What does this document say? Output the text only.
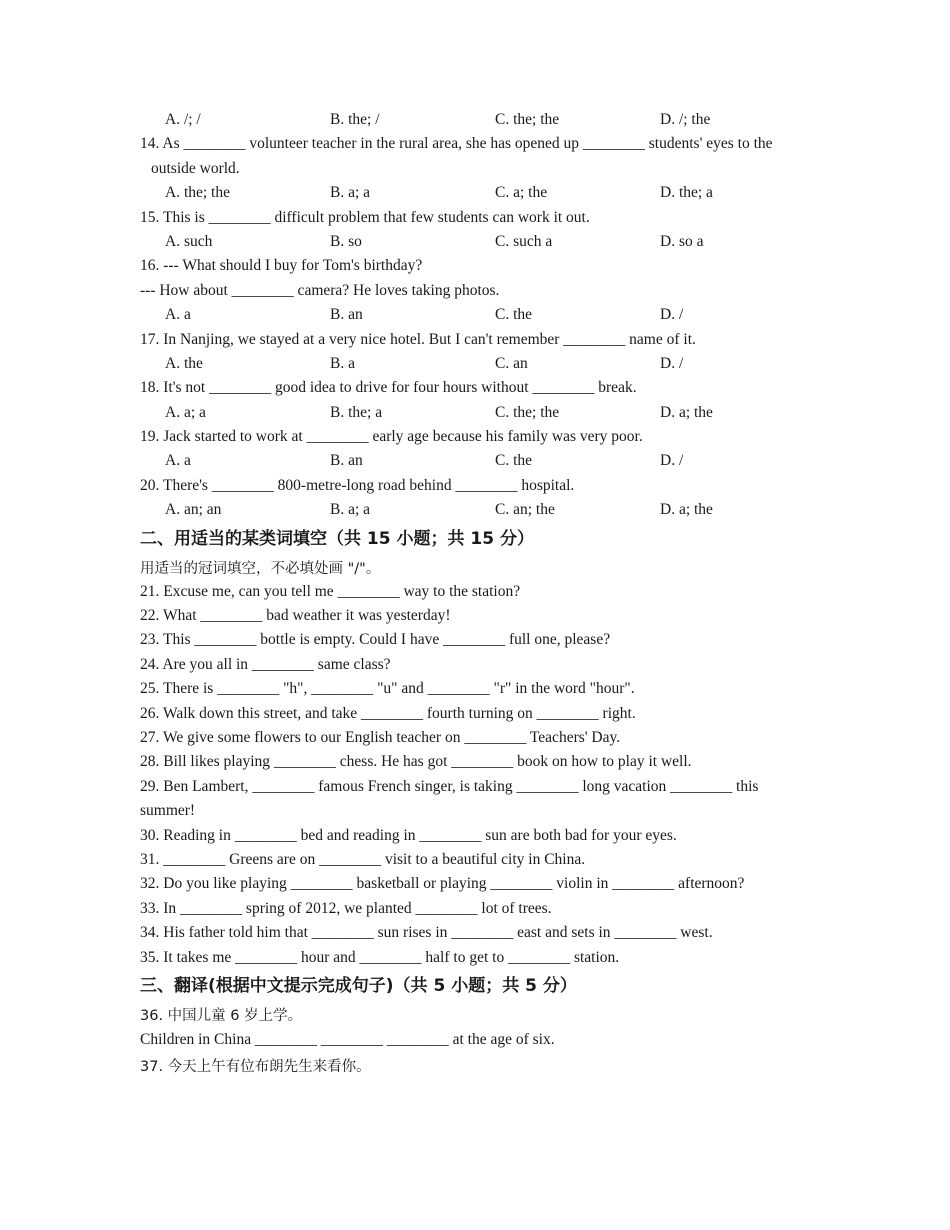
A. /; /	B. the; /	C. the; the	D. /; the
14. As ________ volunteer teacher in the rural area, she has opened up ________ students' eyes to the
outside world.
A. the; the	B. a; a	C. a; the	D. the; a
15. This is ________ difficult problem that few students can work it out.
A. such	B. so	C. such a	D. so a
16. --- What should I buy for Tom's birthday?
--- How about ________ camera? He loves taking photos.
A. a	B. an	C. the	D. /
17. In Nanjing, we stayed at a very nice hotel. But I can't remember ________ name of it.
A. the	B. a	C. an	D. /
18. It's not ________ good idea to drive for four hours without ________ break.
A. a; a	B. the; a	C. the; the	D. a; the
19. Jack started to work at ________ early age because his family was very poor.
A. a	B. an	C. the	D. /
20. There's ________ 800-metre-long road behind ________ hospital.
A. an; an	B. a; a	C. an; the	D. a; the
二、用适当的某类词填空（共 15 小题；共 15 分）
用适当的冠词填空，不必填处画 "/"。
21. Excuse me, can you tell me ________ way to the station?
22. What ________ bad weather it was yesterday!
23. This ________ bottle is empty. Could I have ________ full one, please?
24. Are you all in ________ same class?
25. There is ________ "h", ________ "u" and ________ "r" in the word "hour".
26. Walk down this street, and take ________ fourth turning on ________ right.
27. We give some flowers to our English teacher on ________ Teachers' Day.
28. Bill likes playing ________ chess. He has got ________ book on how to play it well.
29. Ben Lambert, ________ famous French singer, is taking ________ long vacation ________ this
summer!
30. Reading in ________ bed and reading in ________ sun are both bad for your eyes.
31. ________ Greens are on ________ visit to a beautiful city in China.
32. Do you like playing ________ basketball or playing ________ violin in ________ afternoon?
33. In ________ spring of 2012, we planted ________ lot of trees.
34. His father told him that ________ sun rises in ________ east and sets in ________ west.
35. It takes me ________ hour and ________ half to get to ________ station.
三、翻译(根据中文提示完成句子)（共 5 小题；共 5 分）
36. 中国儿童 6 岁上学。
Children in China ________ ________ ________ at the age of six.
37. 今天上午有位布朗先生来看你。
